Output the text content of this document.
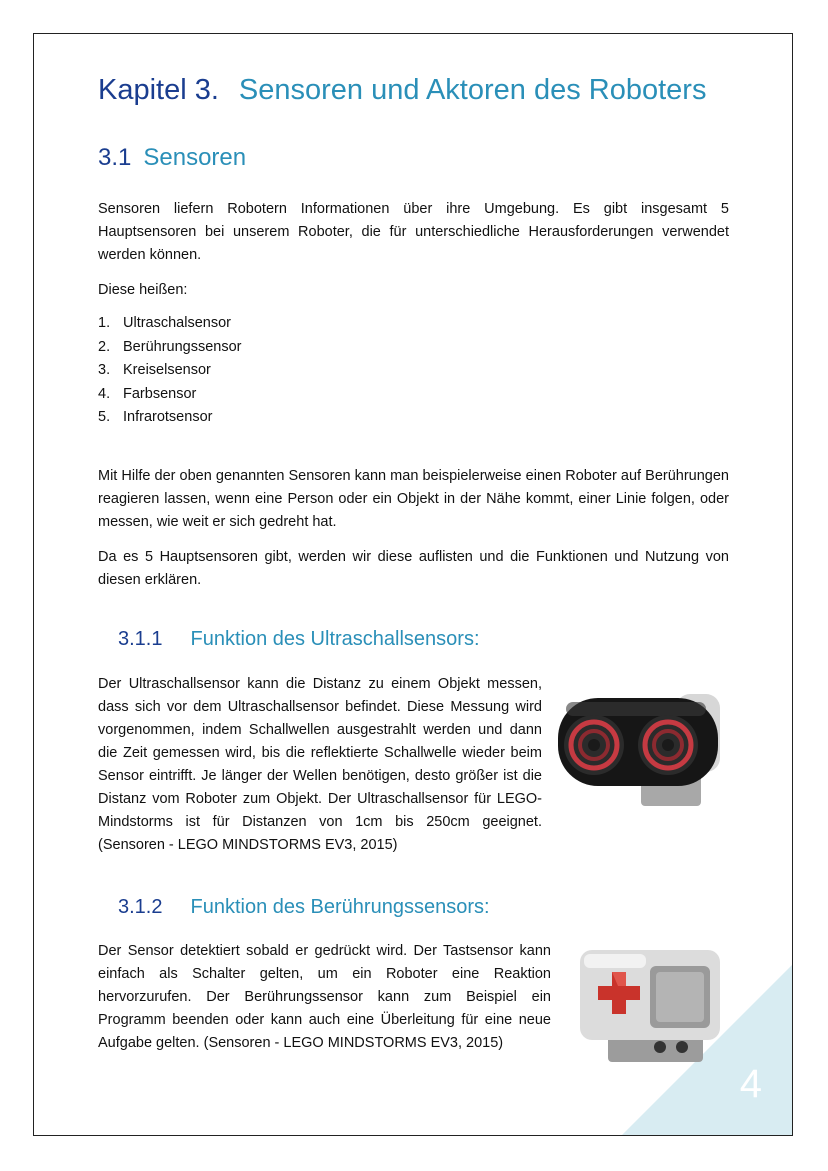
4
Kapitel 3. Sensoren und Aktoren des Roboters
3.1 Sensoren

Sensoren liefern Robotern Informationen über ihre Umgebung. Es gibt insgesamt 5 Hauptsensoren bei unserem Roboter, die für unterschiedliche Herausforderungen verwendet werden können.

Diese heißen:

1. Ultraschalsensor
2. Berührungssensor
3. Kreiselsensor
4. Farbsensor
5. Infrarotsensor

Mit Hilfe der oben genannten Sensoren kann man beispielerweise einen Roboter auf Berührungen reagieren lassen, wenn eine Person oder ein Objekt in der Nähe kommt, einer Linie folgen, oder messen, wie weit er sich gedreht hat.

Da es 5 Hauptsensoren gibt, werden wir diese auflisten und die Funktionen und Nutzung von diesen erklären.

3.1.1 Funktion des Ultraschallsensors:

Der Ultraschallsensor kann die Distanz zu einem Objekt messen, dass sich vor dem Ultraschallsensor befindet. Diese Messung wird vorgenommen, indem Schallwellen ausgestrahlt werden und dann die Zeit gemessen wird, bis die reflektierte Schallwelle wieder beim Sensor eintrifft. Je länger der Wellen benötigen, desto größer ist die Distanz vom Roboter zum Objekt. Der Ultraschallsensor für LEGO-Mindstorms ist für Distanzen von 1cm bis 250cm geeignet. (Sensoren - LEGO MINDSTORMS EV3, 2015)

3.1.2 Funktion des Berührungssensors:

Der Sensor detektiert sobald er gedrückt wird. Der Tastsensor kann einfach als Schalter gelten, um ein Roboter eine Reaktion hervorzurufen. Der Berührungssensor kann zum Beispiel ein Programm beenden oder kann auch eine Überleitung für eine neue Aufgabe gelten. (Sensoren - LEGO MINDSTORMS EV3, 2015)
